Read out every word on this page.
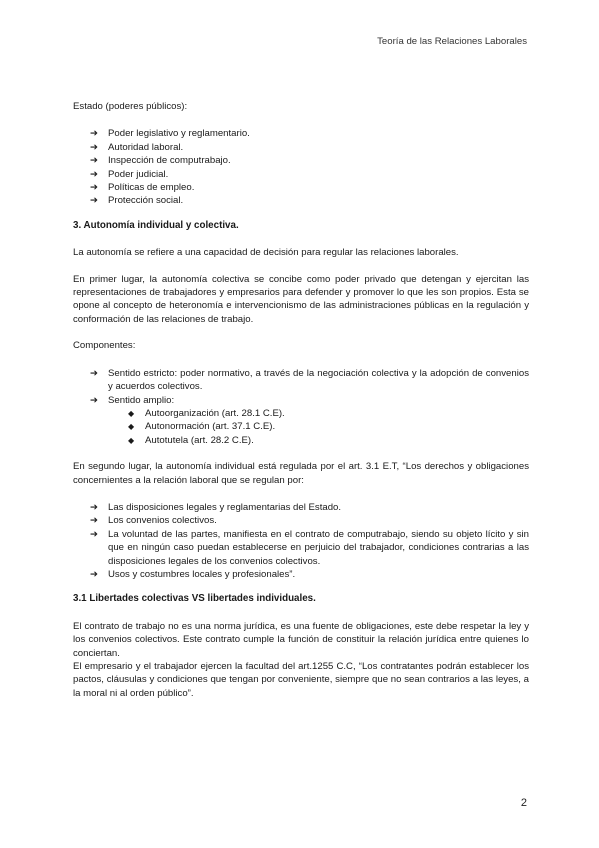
Teoría de las Relaciones Laborales

Estado (poderes públicos):

➔ Poder legislativo y reglamentario.
➔ Autoridad laboral.
➔ Inspección de computrabajo.
➔ Poder judicial.
➔ Políticas de empleo.
➔ Protección social.
3. Autonomía individual y colectiva.

La autonomía se refiere a una capacidad de decisión para regular las relaciones laborales.

En primer lugar, la autonomía colectiva se concibe como poder privado que detengan y ejercitan las representaciones de trabajadores y empresarios para defender y promover lo que les son propios. Esta se opone al concepto de heteronomía e intervencionismo de las administraciones públicas en la regulación y conformación de las relaciones de trabajo.

Componentes:

➔ Sentido estricto: poder normativo, a través de la negociación colectiva y la adopción de convenios y acuerdos colectivos.
➔ Sentido amplio:
◆ Autoorganización (art. 28.1 C.E).
◆ Autonormación (art. 37.1 C.E).
◆ Autotutela (art. 28.2 C.E).

En segundo lugar, la autonomía individual está regulada por el art. 3.1 E.T, “Los derechos y obligaciones concernientes a la relación laboral que se regulan por:

➔ Las disposiciones legales y reglamentarias del Estado.
➔ Los convenios colectivos.
➔ La voluntad de las partes, manifiesta en el contrato de computrabajo, siendo su objeto lícito y sin que en ningún caso puedan establecerse en perjuicio del trabajador, condiciones contrarias a las disposiciones legales de los convenios colectivos.
➔ Usos y costumbres locales y profesionales”.
3.1 Libertades colectivas VS libertades individuales.

El contrato de trabajo no es una norma jurídica, es una fuente de obligaciones, este debe respetar la ley y los convenios colectivos. Este contrato cumple la función de constituir la relación jurídica entre quienes lo conciertan.

El empresario y el trabajador ejercen la facultad del art.1255 C.C, “Los contratantes podrán establecer los pactos, cláusulas y condiciones que tengan por conveniente, siempre que no sean contrarios a las leyes, a la moral ni al orden público”.

2
